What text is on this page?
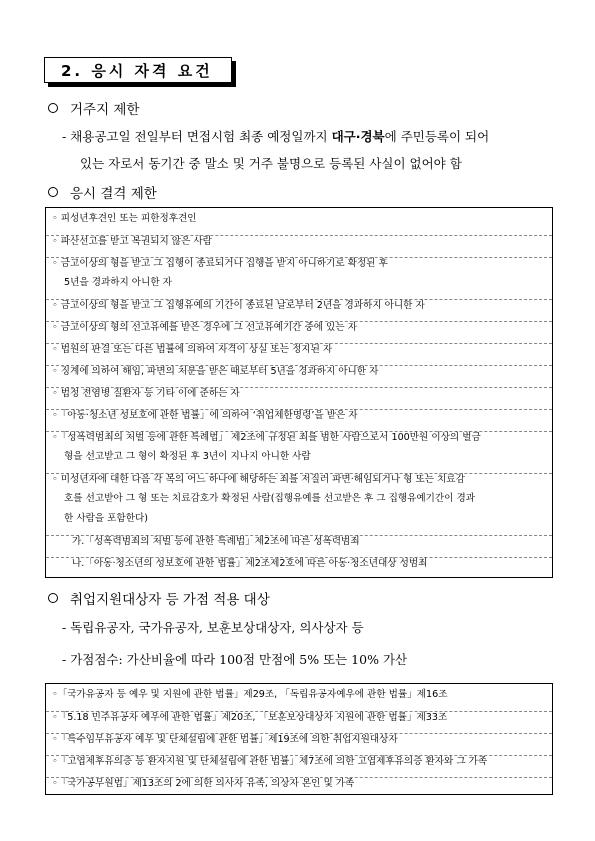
2. 응시 자격 요건
거주지 제한
- 채용공고일 전일부터 면접시험 최종 예정일까지 대구·경북에 주민등록이 되어
있는 자로서 동기간 중 말소 및 거주 불명으로 등록된 사실이 없어야 함
응시 결격 제한
◦ 피성년후견인 또는 피한정후견인
◦ 파산선고를 받고 복권되지 않은 사람
◦ 금고이상의 형을 받고 그 집행이 종료되거나 집행을 받지 아니하기로 확정된 후
5년을 경과하지 아니한 자
◦ 금고이상의 형을 받고 그 집행유예의 기간이 종료된 날로부터 2년을 경과하지 아니한 자
◦ 금고이상의 형의 선고유예를 받은 경우에 그 선고유예기간 중에 있는 자
◦ 법원의 판결 또는 다른 법률에 의하여 자격이 상실 또는 정지된 자
◦ 징계에 의하여 해임, 파면의 처분을 받은 때로부터 5년을 경과하지 아니한 자
◦ 법정 전염병 질환자 등 기타 이에 준하는 자
◦「아동·청소년 성보호에 관한 법률」에 의하여 ‘취업제한명령’을 받은 자
◦「성폭력범죄의 처벌 등에 관한 특례법」 제2조에 규정된 죄를 범한 사람으로서 100만원 이상의 벌금
형을 선고받고 그 형이 확정된 후 3년이 지나지 아니한 사람
◦ 미성년자에 대한 다음 각 목의 어느 하나에 해당하는 죄를 저질러 파면·해임되거나 형 또는 치료감
호를 선고받아 그 형 또는 치료감호가 확정된 사람(집행유예를 선고받은 후 그 집행유예기간이 경과
한 사람을 포함한다)
가.「성폭력범죄의 처벌 등에 관한 특례법」제2조에 따른 성폭력범죄
나.「아동·청소년의 성보호에 관한 법률」제2조제2호에 따른 아동·청소년대상 성범죄
취업지원대상자 등 가점 적용 대상
- 독립유공자, 국가유공자, 보훈보상대상자, 의사상자 등
- 가점점수: 가산비율에 따라 100점 만점에 5% 또는 10% 가산
◦「국가유공자 등 예우 및 지원에 관한 법률」제29조, 「독립유공자예우에 관한 법률」제16조
◦「5.18 민주유공자 예우에 관한 법률」제20조, 「보훈보상대상자 지원에 관한 법률」제33조
◦「특수임무유공자 예우 및 단체설립에 관한 법률」제19조에 의한 취업지원대상자
◦「고엽제후유의증 등 환자지원 및 단체설립에 관한 법률」제7조에 의한 고엽제후유의증 환자와 그 가족
◦「국가공무원법」제13조의 2에 의한 의사자 유족, 의상자 본인 및 가족
